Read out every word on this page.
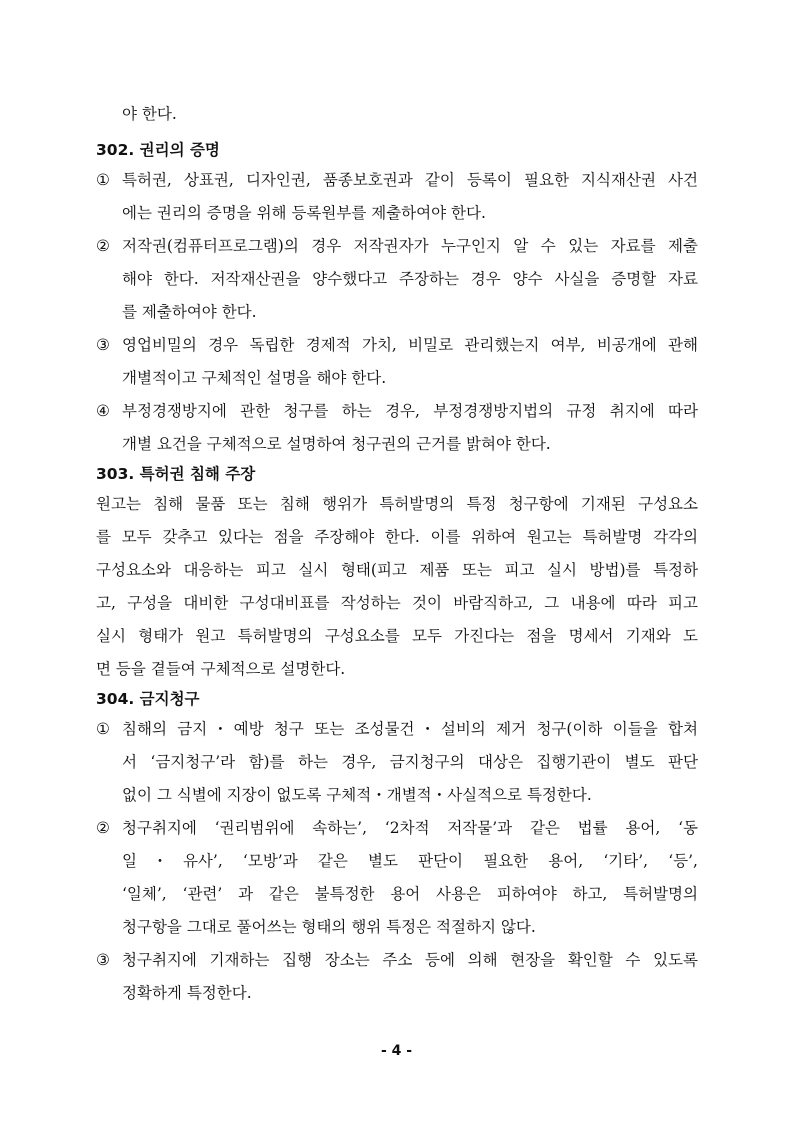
야 한다.
302. 권리의 증명
① 특허권, 상표권, 디자인권, 품종보호권과 같이 등록이 필요한 지식재산권 사건
에는 권리의 증명을 위해 등록원부를 제출하여야 한다.
② 저작권(컴퓨터프로그램)의 경우 저작권자가 누구인지 알 수 있는 자료를 제출
해야 한다. 저작재산권을 양수했다고 주장하는 경우 양수 사실을 증명할 자료
를 제출하여야 한다.
③ 영업비밀의 경우 독립한 경제적 가치, 비밀로 관리했는지 여부, 비공개에 관해
개별적이고 구체적인 설명을 해야 한다.
④ 부정경쟁방지에 관한 청구를 하는 경우, 부정경쟁방지법의 규정 취지에 따라
개별 요건을 구체적으로 설명하여 청구권의 근거를 밝혀야 한다.
303. 특허권 침해 주장
원고는 침해 물품 또는 침해 행위가 특허발명의 특정 청구항에 기재된 구성요소
를 모두 갖추고 있다는 점을 주장해야 한다. 이를 위하여 원고는 특허발명 각각의
구성요소와 대응하는 피고 실시 형태(피고 제품 또는 피고 실시 방법)를 특정하
고, 구성을 대비한 구성대비표를 작성하는 것이 바람직하고, 그 내용에 따라 피고
실시 형태가 원고 특허발명의 구성요소를 모두 가진다는 점을 명세서 기재와 도
면 등을 곁들여 구체적으로 설명한다.
304. 금지청구
① 침해의 금지・예방 청구 또는 조성물건・설비의 제거 청구(이하 이들을 합쳐
서 ‘금지청구’라 함)를 하는 경우, 금지청구의 대상은 집행기관이 별도 판단
없이 그 식별에 지장이 없도록 구체적・개별적・사실적으로 특정한다.
② 청구취지에 ‘권리범위에 속하는’, ‘2차적 저작물’과 같은 법률 용어, ‘동
일・유사’, ‘모방’과 같은 별도 판단이 필요한 용어, ‘기타’, ‘등’,
‘일체’, ‘관련’ 과 같은 불특정한 용어 사용은 피하여야 하고, 특허발명의
청구항을 그대로 풀어쓰는 형태의 행위 특정은 적절하지 않다.
③ 청구취지에 기재하는 집행 장소는 주소 등에 의해 현장을 확인할 수 있도록
정확하게 특정한다.
- 4 -
